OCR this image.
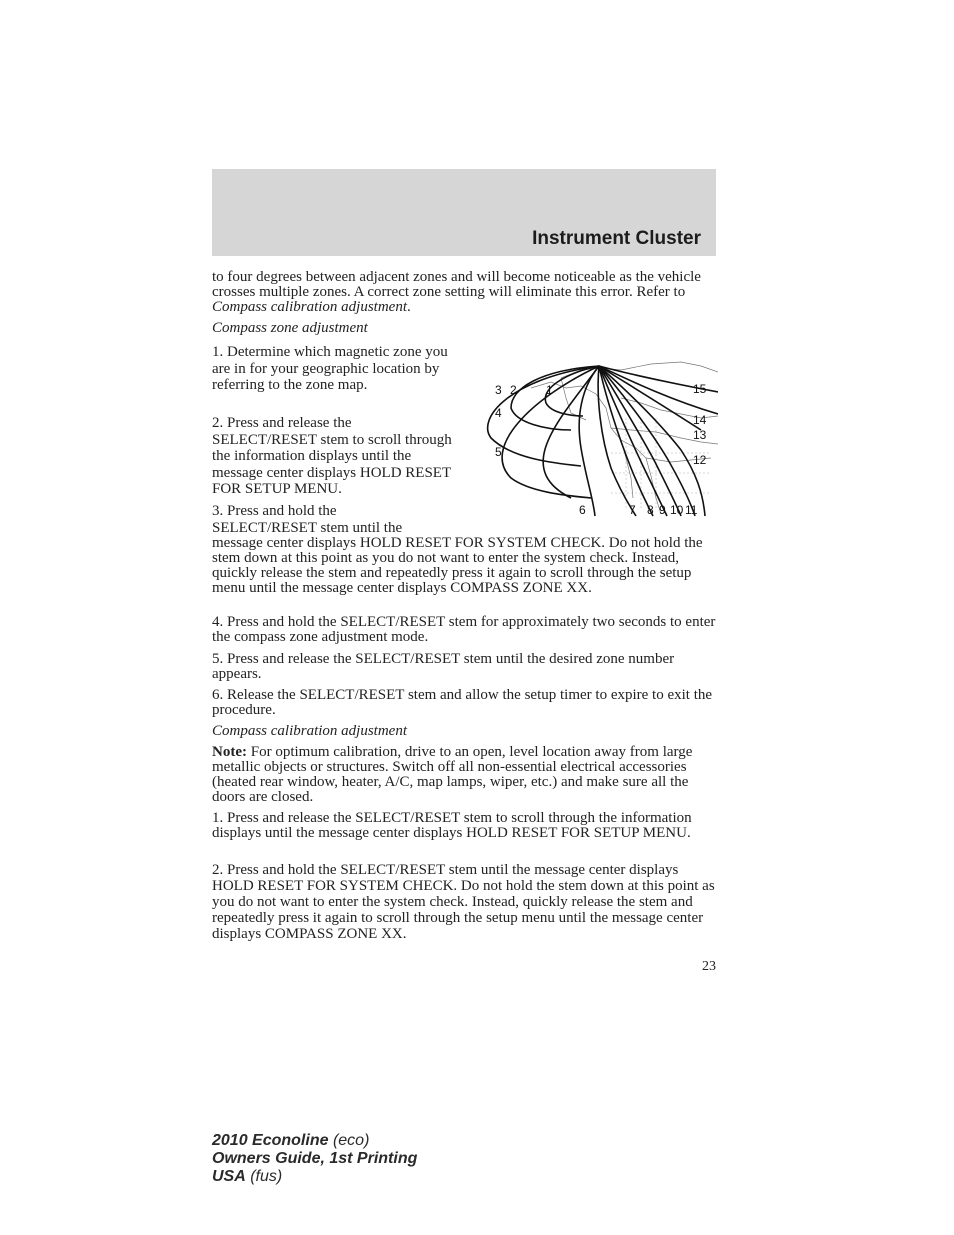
Instrument Cluster

to four degrees between adjacent zones and will become noticeable as the vehicle crosses multiple zones. A correct zone setting will eliminate this error. Refer to Compass calibration adjustment.

Compass zone adjustment

1. Determine which magnetic zone you are in for your geographic location by referring to the zone map.

2. Press and release the SELECT/RESET stem to scroll through the information displays until the message center displays HOLD RESET FOR SETUP MENU.

3. Press and hold the

SELECT/RESET stem until the

message center displays HOLD RESET FOR SYSTEM CHECK. Do not hold the stem down at this point as you do not want to enter the system check. Instead, quickly release the stem and repeatedly press it again to scroll through the setup menu until the message center displays COMPASS ZONE XX.

4. Press and hold the SELECT/RESET stem for approximately two seconds to enter the compass zone adjustment mode.
5. Press and release the SELECT/RESET stem until the desired zone number appears.
6. Release the SELECT/RESET stem and allow the setup timer to expire to exit the procedure.
Compass calibration adjustment

Note: For optimum calibration, drive to an open, level location away from large metallic objects or structures. Switch off all non-essential electrical accessories (heated rear window, heater, A/C, map lamps, wiper, etc.) and make sure all the doors are closed.

1. Press and release the SELECT/RESET stem to scroll through the information displays until the message center displays HOLD RESET FOR SETUP MENU.
2. Press and hold the SELECT/RESET stem until the message center displays HOLD RESET FOR SYSTEM CHECK. Do not hold the stem down at this point as you do not want to enter the system check. Instead, quickly release the stem and repeatedly press it again to scroll through the setup menu until the message center displays COMPASS ZONE XX.
1
2
3
4
5
6	7 8 9 10 11
12
13
14
15
23
2010 Econoline (eco)
Owners Guide, 1st Printing
USA (fus)
